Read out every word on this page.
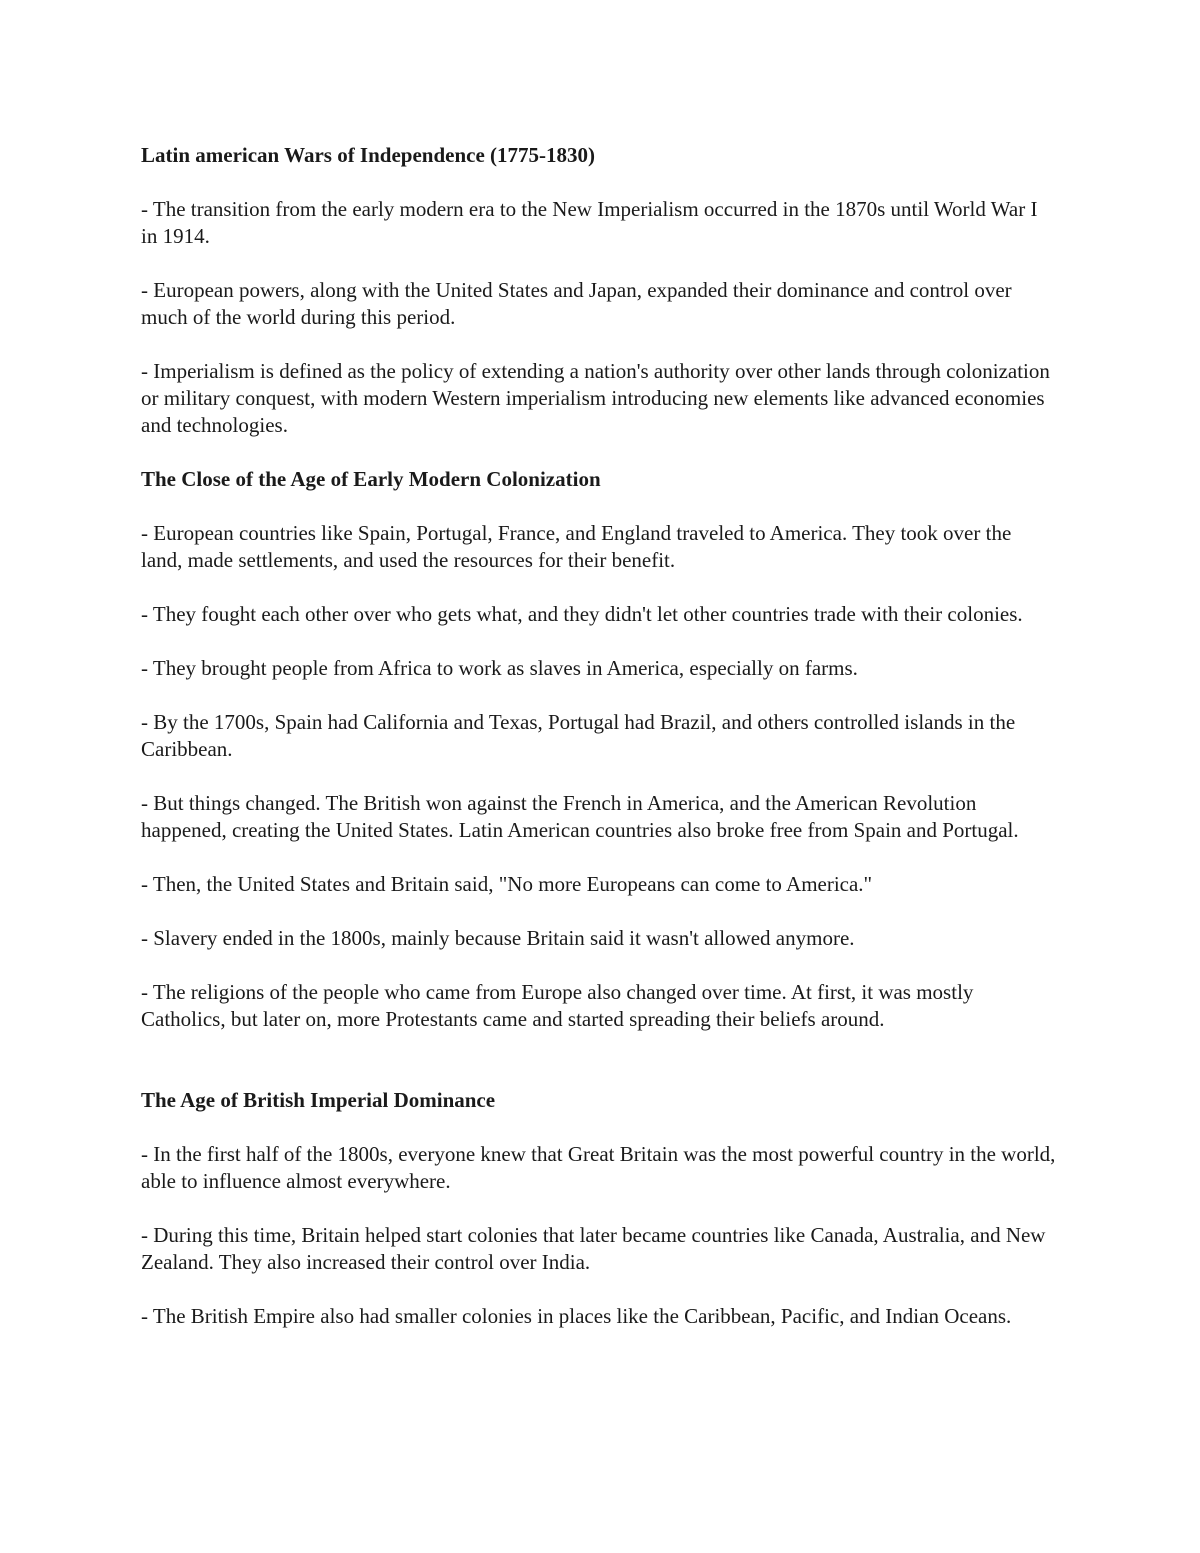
Latin american Wars of Independence (1775-1830)

- The transition from the early modern era to the New Imperialism occurred in the 1870s until World War I in 1914.

- European powers, along with the United States and Japan, expanded their dominance and control over much of the world during this period.

- Imperialism is defined as the policy of extending a nation's authority over other lands through colonization or military conquest, with modern Western imperialism introducing new elements like advanced economies and technologies.

The Close of the Age of Early Modern Colonization

- European countries like Spain, Portugal, France, and England traveled to America. They took over the land, made settlements, and used the resources for their benefit.

- They fought each other over who gets what, and they didn't let other countries trade with their colonies.

- They brought people from Africa to work as slaves in America, especially on farms.

- By the 1700s, Spain had California and Texas, Portugal had Brazil, and others controlled islands in the Caribbean.

- But things changed. The British won against the French in America, and the American Revolution happened, creating the United States. Latin American countries also broke free from Spain and Portugal.

- Then, the United States and Britain said, "No more Europeans can come to America."

- Slavery ended in the 1800s, mainly because Britain said it wasn't allowed anymore.

- The religions of the people who came from Europe also changed over time. At first, it was mostly Catholics, but later on, more Protestants came and started spreading their beliefs around.

The Age of British Imperial Dominance

- In the first half of the 1800s, everyone knew that Great Britain was the most powerful country in the world, able to influence almost everywhere.

- During this time, Britain helped start colonies that later became countries like Canada, Australia, and New Zealand. They also increased their control over India.

- The British Empire also had smaller colonies in places like the Caribbean, Pacific, and Indian Oceans.
